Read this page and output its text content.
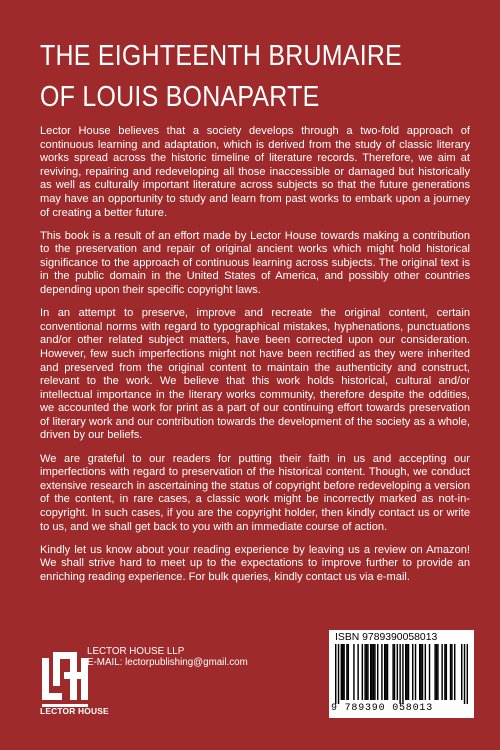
THE EIGHTEENTH BRUMAIRE
OF LOUIS BONAPARTE

Lector House believes that a society develops through a two-fold approach of continuous learning and adaptation, which is derived from the study of classic literary works spread across the historic timeline of literature records. Therefore, we aim at reviving, repairing and redeveloping all those inaccessible or damaged but historically as well as culturally important literature across subjects so that the future generations may have an opportunity to study and learn from past works to embark upon a journey of creating a better future.

This book is a result of an effort made by Lector House towards making a contribution to the preservation and repair of original ancient works which might hold historical significance to the approach of continuous learning across subjects. The original text is in the public domain in the United States of America, and possibly other countries depending upon their specific copyright laws.

In an attempt to preserve, improve and recreate the original content, certain conventional norms with regard to typographical mistakes, hyphenations, punctuations and/or other related subject matters, have been corrected upon our consideration. However, few such imperfections might not have been rectified as they were inherited and preserved from the original content to maintain the authenticity and construct, relevant to the work. We believe that this work holds historical, cultural and/or intellectual importance in the literary works community, therefore despite the oddities, we accounted the work for print as a part of our continuing effort towards preservation of literary work and our contribution towards the development of the society as a whole, driven by our beliefs.

We are grateful to our readers for putting their faith in us and accepting our imperfections with regard to preservation of the historical content. Though, we conduct extensive research in ascertaining the status of copyright before redeveloping a version of the content, in rare cases, a classic work might be incorrectly marked as not-in-copyright. In such cases, if you are the copyright holder, then kindly contact us or write to us, and we shall get back to you with an immediate course of action.

Kindly let us know about your reading experience by leaving us a review on Amazon! We shall strive hard to meet up to the expectations to improve further to provide an enriching reading experience. For bulk queries, kindly contact us via e-mail.

LECTOR HOUSE
LECTOR HOUSE LLP
E-MAIL: lectorpublishing@gmail.com
ISBN 9789390058013
9 789390 058013
